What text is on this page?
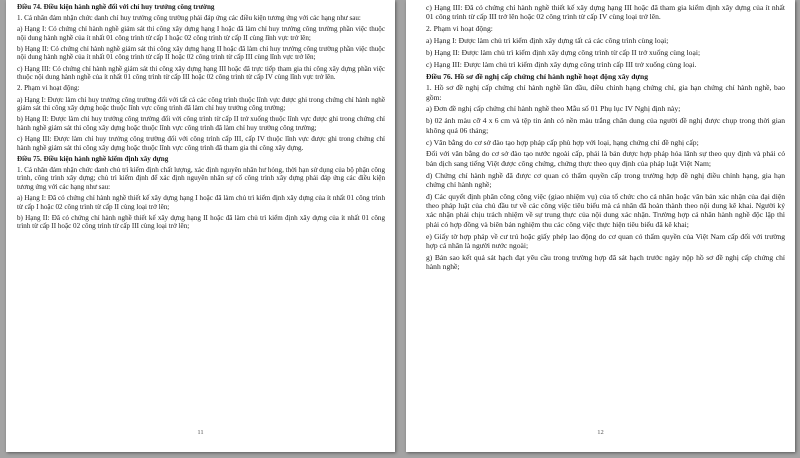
Điều 74. Điều kiện hành nghề đối với chỉ huy trưởng công trường

1. Cá nhân đảm nhận chức danh chỉ huy trưởng công trường phải đáp ứng các điều kiện tương ứng với các hạng như sau:

a) Hạng I: Có chứng chỉ hành nghề giám sát thi công xây dựng hạng I hoặc đã làm chỉ huy trưởng công trường phần việc thuộc nội dung hành nghề của ít nhất 01 công trình từ cấp I hoặc 02 công trình từ cấp II cùng lĩnh vực trở lên;

b) Hạng II: Có chứng chỉ hành nghề giám sát thi công xây dựng hạng II hoặc đã làm chỉ huy trưởng công trường phần việc thuộc nội dung hành nghề của ít nhất 01 công trình từ cấp II hoặc 02 công trình từ cấp III cùng lĩnh vực trở lên;

c) Hạng III: Có chứng chỉ hành nghề giám sát thi công xây dựng hạng III hoặc đã trực tiếp tham gia thi công xây dựng phần việc thuộc nội dung hành nghề của ít nhất 01 công trình từ cấp III hoặc 02 công trình từ cấp IV cùng lĩnh vực trở lên.

2. Phạm vi hoạt động:

a) Hạng I: Được làm chỉ huy trưởng công trường đối với tất cả các công trình thuộc lĩnh vực được ghi trong chứng chỉ hành nghề giám sát thi công xây dựng hoặc thuộc lĩnh vực công trình đã làm chỉ huy trưởng công trường;

b) Hạng II: Được làm chỉ huy trưởng công trường đối với công trình từ cấp II trở xuống thuộc lĩnh vực được ghi trong chứng chỉ hành nghề giám sát thi công xây dựng hoặc thuộc lĩnh vực công trình đã làm chỉ huy trưởng công trường;

c) Hạng III: Được làm chỉ huy trưởng công trường đối với công trình cấp III, cấp IV thuộc lĩnh vực được ghi trong chứng chỉ hành nghề giám sát thi công xây dựng hoặc thuộc lĩnh vực công trình đã tham gia thi công xây dựng.

Điều 75. Điều kiện hành nghề kiểm định xây dựng

1. Cá nhân đảm nhận chức danh chủ trì kiểm định chất lượng, xác định nguyên nhân hư hỏng, thời hạn sử dụng của bộ phận công trình, công trình xây dựng; chủ trì kiểm định để xác định nguyên nhân sự cố công trình xây dựng phải đáp ứng các điều kiện tương ứng với các hạng như sau:

a) Hạng I: Đã có chứng chỉ hành nghề thiết kế xây dựng hạng I hoặc đã làm chủ trì kiểm định xây dựng của ít nhất 01 công trình từ cấp I hoặc 02 công trình từ cấp II cùng loại trở lên;

b) Hạng II: Đã có chứng chỉ hành nghề thiết kế xây dựng hạng II hoặc đã làm chủ trì kiểm định xây dựng của ít nhất 01 công trình từ cấp II hoặc 02 công trình từ cấp III cùng loại trở lên;

11

c) Hạng III: Đã có chứng chỉ hành nghề thiết kế xây dựng hạng III hoặc đã tham gia kiểm định xây dựng của ít nhất 01 công trình từ cấp III trở lên hoặc 02 công trình từ cấp IV cùng loại trở lên.

2. Phạm vi hoạt động:

a) Hạng I: Được làm chủ trì kiểm định xây dựng tất cả các công trình cùng loại;

b) Hạng II: Được làm chủ trì kiểm định xây dựng công trình từ cấp II trở xuống cùng loại;

c) Hạng III: Được làm chủ trì kiểm định xây dựng công trình cấp III trở xuống cùng loại.

Điều 76. Hồ sơ đề nghị cấp chứng chỉ hành nghề hoạt động xây dựng

1. Hồ sơ đề nghị cấp chứng chỉ hành nghề lần đầu, điều chỉnh hạng chứng chỉ, gia hạn chứng chỉ hành nghề, bao gồm:

a) Đơn đề nghị cấp chứng chỉ hành nghề theo Mẫu số 01 Phụ lục IV Nghị định này;

b) 02 ảnh màu cỡ 4 x 6 cm và tệp tin ảnh có nền màu trắng chân dung của người đề nghị được chụp trong thời gian không quá 06 tháng;

c) Văn bằng do cơ sở đào tạo hợp pháp cấp phù hợp với loại, hạng chứng chỉ đề nghị cấp;

Đối với văn bằng do cơ sở đào tạo nước ngoài cấp, phải là bản được hợp pháp hóa lãnh sự theo quy định và phải có bản dịch sang tiếng Việt được công chứng, chứng thực theo quy định của pháp luật Việt Nam;

d) Chứng chỉ hành nghề đã được cơ quan có thẩm quyền cấp trong trường hợp đề nghị điều chỉnh hạng, gia hạn chứng chỉ hành nghề;

đ) Các quyết định phân công công việc (giao nhiệm vụ) của tổ chức cho cá nhân hoặc văn bản xác nhận của đại diện theo pháp luật của chủ đầu tư về các công việc tiêu biểu mà cá nhân đã hoàn thành theo nội dung kê khai. Người ký xác nhận phải chịu trách nhiệm về sự trung thực của nội dung xác nhận. Trường hợp cá nhân hành nghề độc lập thì phải có hợp đồng và biên bản nghiệm thu các công việc thực hiện tiêu biểu đã kê khai;

e) Giấy tờ hợp pháp về cư trú hoặc giấy phép lao động do cơ quan có thẩm quyền của Việt Nam cấp đối với trường hợp cá nhân là người nước ngoài;

g) Bản sao kết quả sát hạch đạt yêu cầu trong trường hợp đã sát hạch trước ngày nộp hồ sơ đề nghị cấp chứng chỉ hành nghề;

12
